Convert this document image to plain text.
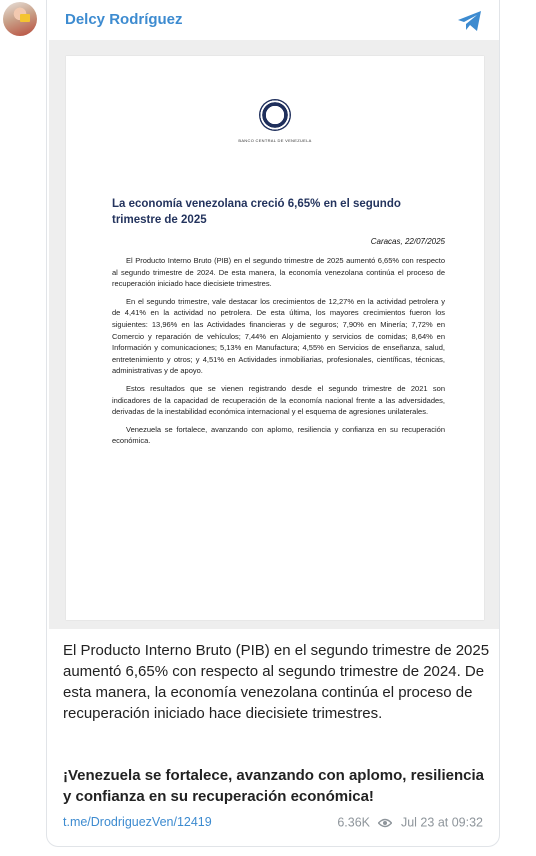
Delcy Rodríguez
BANCO CENTRAL DE VENEZUELA
La economía venezolana creció 6,65% en el segundo trimestre de 2025
Caracas, 22/07/2025

El Producto Interno Bruto (PIB) en el segundo trimestre de 2025 aumentó 6,65% con respecto al segundo trimestre de 2024. De esta manera, la economía venezolana continúa el proceso de recuperación iniciado hace diecisiete trimestres.

En el segundo trimestre, vale destacar los crecimientos de 12,27% en la actividad petrolera y de 4,41% en la actividad no petrolera. De esta última, los mayores crecimientos fueron los siguientes: 13,96% en las Actividades financieras y de seguros; 7,90% en Minería; 7,72% en Comercio y reparación de vehículos; 7,44% en Alojamiento y servicios de comidas; 8,64% en Información y comunicaciones; 5,13% en Manufactura; 4,55% en Servicios de enseñanza, salud, entretenimiento y otros; y 4,51% en Actividades inmobiliarias, profesionales, científicas, técnicas, administrativas y de apoyo.

Estos resultados que se vienen registrando desde el segundo trimestre de 2021 son indicadores de la capacidad de recuperación de la economía nacional frente a las adversidades, derivadas de la inestabilidad económica internacional y el esquema de agresiones unilaterales.

Venezuela se fortalece, avanzando con aplomo, resiliencia y confianza en su recuperación económica.

El Producto Interno Bruto (PIB) en el segundo trimestre de 2025 aumentó 6,65% con respecto al segundo trimestre de 2024. De esta manera, la economía venezolana continúa el proceso de recuperación iniciado hace diecisiete trimestres.
¡Venezuela se fortalece, avanzando con aplomo, resiliencia y confianza en su recuperación económica!
t.me/DrodriguezVen/12419	6.36K Jul 23 at 09:32
